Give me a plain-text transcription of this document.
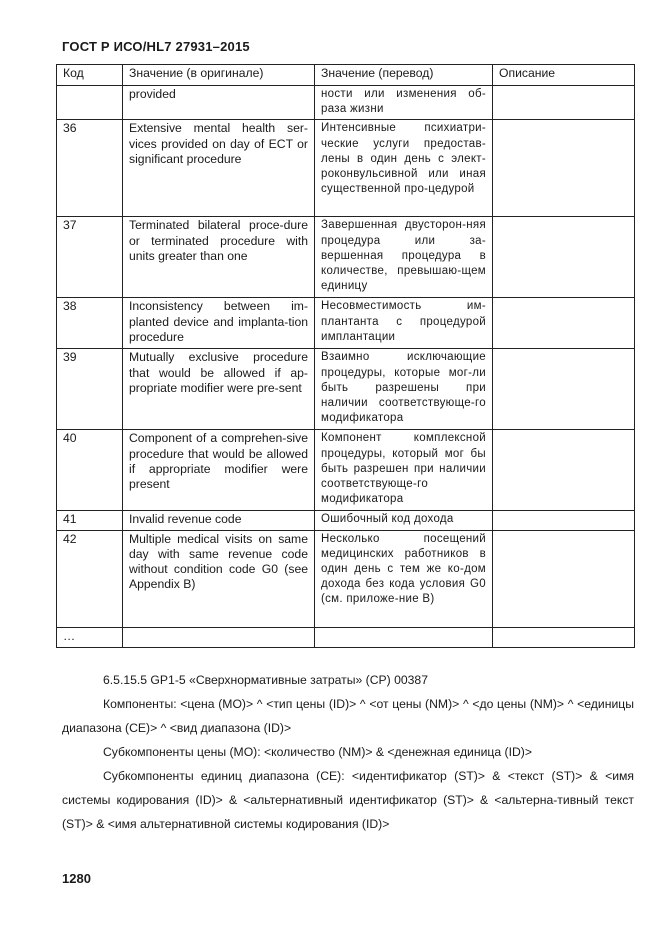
ГОСТ Р ИСО/HL7 27931–2015
Код	Значение (в оригинале)	Значение (перевод)	Описание
	provided	ности или изменения об-раза жизни	
36	Extensive mental health ser-vices provided on day of ECT or significant procedure	Интенсивные психиатри-ческие услуги предостав-лены в один день с элект-роконвульсивной или иная существенной про-цедурой	
37	Terminated bilateral proce-dure or terminated procedure with units greater than one	Завершенная двусторон-няя процедура или за-вершенная процедура в количестве, превышаю-щем единицу	
38	Inconsistency between im-planted device and implanta-tion procedure	Несовместимость им-плантанта с процедурой имплантации	
39	Mutually exclusive procedure that would be allowed if ap-propriate modifier were pre-sent	Взаимно исключающие процедуры, которые мог-ли быть разрешены при наличии соответствующе-го модификатора	
40	Component of a comprehen-sive procedure that would be allowed if appropriate modifier were present	Компонент комплексной процедуры, который мог бы быть разрешен при наличии соответствующе-го модификатора	
41	Invalid revenue code	Ошибочный код дохода	
42	Multiple medical visits on same day with same revenue code without condition code G0 (see Appendix B)	Несколько посещений медицинских работников в один день с тем же ко-дом дохода без кода условия G0 (см. приложе-ние В)	
…			

6.5.15.5 GP1-5 «Сверхнормативные затраты» (CP) 00387

Компоненты: <цена (MO)> ^ <тип цены (ID)> ^ <от цены (NM)> ^ <до цены (NM)> ^ <единицы диапазона (CE)> ^ <вид диапазона (ID)>

Субкомпоненты цены (MO): <количество (NM)> & <денежная единица (ID)>

Субкомпоненты единиц диапазона (CE): <идентификатор (ST)> & <текст (ST)> & <имя системы кодирования (ID)> & <альтернативный идентификатор (ST)> & <альтерна-тивный текст (ST)> & <имя альтернативной системы кодирования (ID)>

1280
